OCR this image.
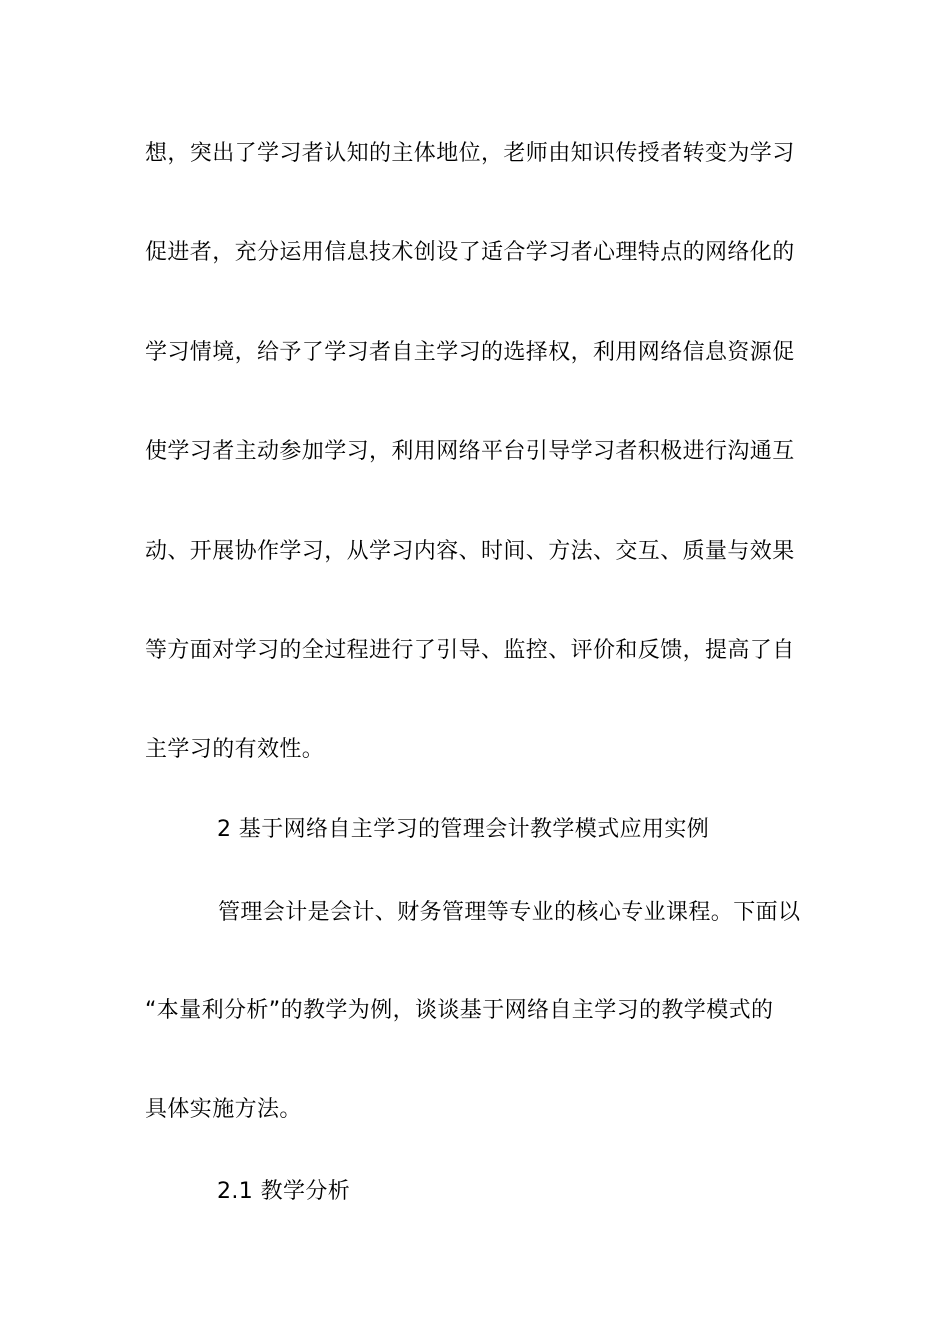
想，突出了学习者认知的主体地位，老师由知识传授者转变为学习
促进者，充分运用信息技术创设了适合学习者心理特点的网络化的
学习情境，给予了学习者自主学习的选择权，利用网络信息资源促
使学习者主动参加学习，利用网络平台引导学习者积极进行沟通互
动、开展协作学习，从学习内容、时间、方法、交互、质量与效果
等方面对学习的全过程进行了引导、监控、评价和反馈，提高了自
主学习的有效性。
2 基于网络自主学习的管理会计教学模式应用实例
管理会计是会计、财务管理等专业的核心专业课程。下面以
“本量利分析”的教学为例，谈谈基于网络自主学习的教学模式的
具体实施方法。
2.1 教学分析
